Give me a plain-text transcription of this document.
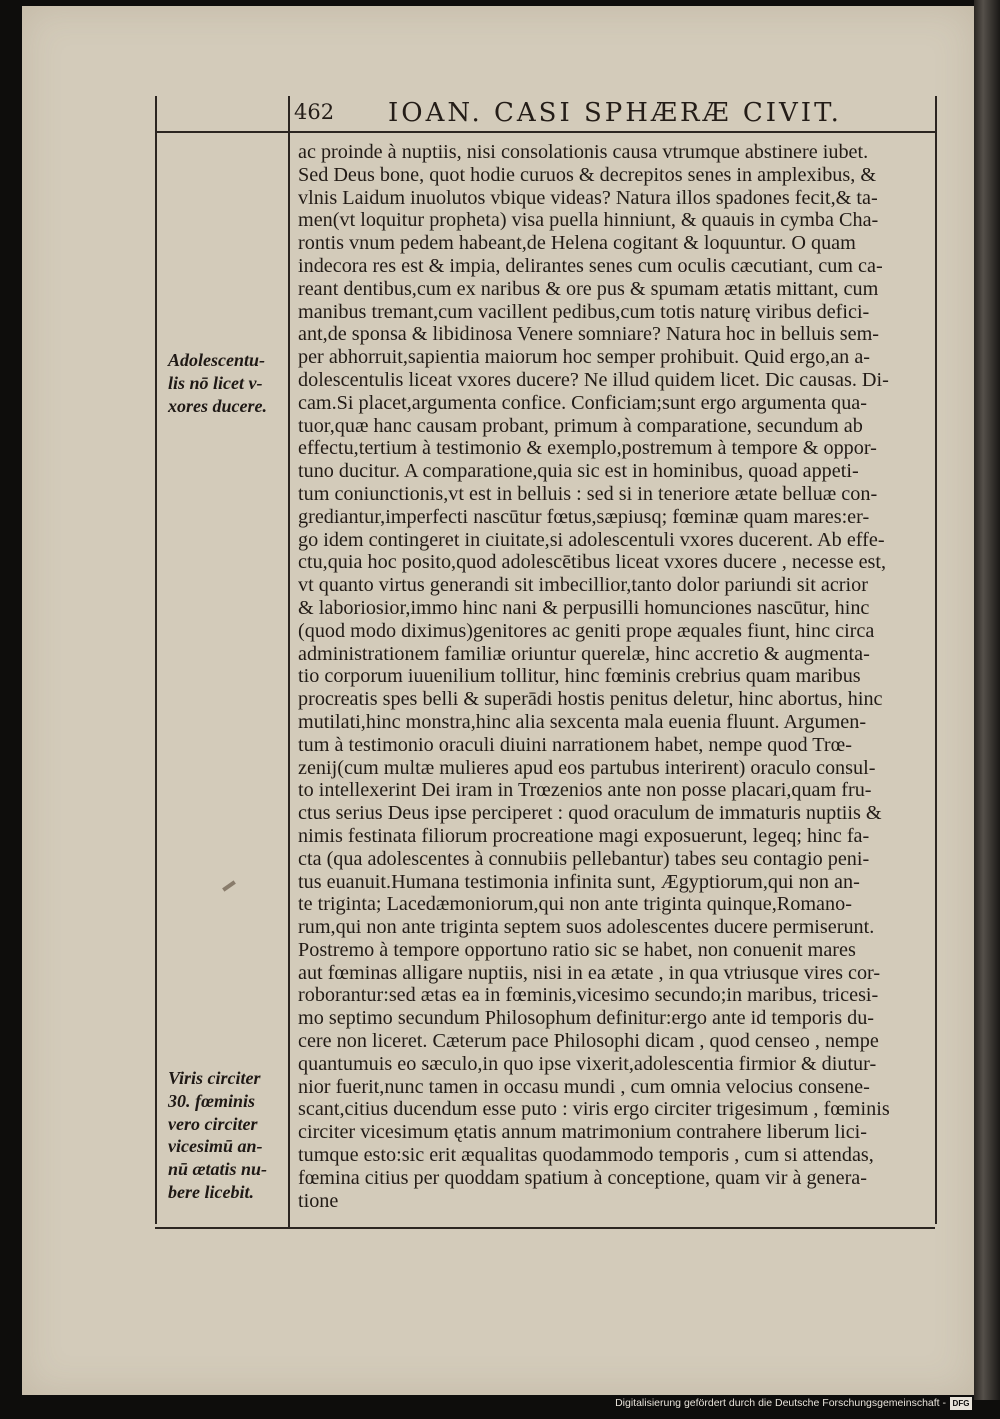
462 IOAN. CASI SPHÆRÆ CIVIT.
Adolescentu-
lis nō licet v-
xores ducere.
Viris circiter
30. fœminis
vero circiter
vicesimū an-
nū ætatis nu-
bere licebit.
ac proinde à nuptiis, nisi consolationis causa vtrumque abstinere iubet.
Sed Deus bone, quot hodie curuos & decrepitos senes in amplexibus, &
vlnis Laidum inuolutos vbique videas? Natura illos spadones fecit,& ta-
men(vt loquitur propheta) visa puella hinniunt, & quauis in cymba Cha-
rontis vnum pedem habeant,de Helena cogitant & loquuntur. O quam
indecora res est & impia, delirantes senes cum oculis cæcutiant, cum ca-
reant dentibus,cum ex naribus & ore pus & spumam ætatis mittant, cum
manibus tremant,cum vacillent pedibus,cum totis naturę viribus defici-
ant,de sponsa & libidinosa Venere somniare? Natura hoc in belluis sem-
per abhorruit,sapientia maiorum hoc semper prohibuit. Quid ergo,an a-
dolescentulis liceat vxores ducere? Ne illud quidem licet. Dic causas. Di-
cam.Si placet,argumenta confice. Conficiam;sunt ergo argumenta qua-
tuor,quæ hanc causam probant, primum à comparatione, secundum ab
effectu,tertium à testimonio & exemplo,postremum à tempore & oppor-
tuno ducitur. A comparatione,quia sic est in hominibus, quoad appeti-
tum coniunctionis,vt est in belluis : sed si in teneriore ætate belluæ con-
grediantur,imperfecti nascūtur fœtus,sæpiusq; fœminæ quam mares:er-
go idem contingeret in ciuitate,si adolescentuli vxores ducerent. Ab effe-
ctu,quia hoc posito,quod adolescētibus liceat vxores ducere , necesse est,
vt quanto virtus generandi sit imbecillior,tanto dolor pariundi sit acrior
& laboriosior,immo hinc nani & perpusilli homunciones nascūtur, hinc
(quod modo diximus)genitores ac geniti prope æquales fiunt, hinc circa
administrationem familiæ oriuntur querelæ, hinc accretio & augmenta-
tio corporum iuuenilium tollitur, hinc fœminis crebrius quam maribus
procreatis spes belli & superādi hostis penitus deletur, hinc abortus, hinc
mutilati,hinc monstra,hinc alia sexcenta mala eueniа fluunt. Argumen-
tum à testimonio oraculi diuini narrationem habet, nempe quod Trœ-
zenij(cum multæ mulieres apud eos partubus interirent) oraculo consul-
to intellexerint Dei iram in Trœzenios ante non posse placari,quam fru-
ctus serius Deus ipse perciperet : quod oraculum de immaturis nuptiis &
nimis festinata filiorum procreatione magi exposuerunt, legeq; hinc fa-
cta (qua adolescentes à connubiis pellebantur) tabes seu contagio peni-
tus euanuit.Humana testimonia infinita sunt, Ægyptiorum,qui non an-
te triginta; Lacedæmoniorum,qui non ante triginta quinque,Romano-
rum,qui non ante triginta septem suos adolescentes ducere permiserunt.
Postremo à tempore opportuno ratio sic se habet, non conuenit mares
aut fœminas alligare nuptiis, nisi in ea ætate , in qua vtriusque vires cor-
roborantur:sed ætas ea in fœminis,vicesimo secundo;in maribus, tricesi-
mo septimo secundum Philosophum definitur:ergo ante id temporis du-
cere non liceret. Cæterum pace Philosophi dicam , quod censeo , nempe
quantumuis eo sæculo,in quo ipse vixerit,adolescentia firmior & diutur-
nior fuerit,nunc tamen in occasu mundi , cum omnia velocius consene-
scant,citius ducendum esse puto : viris ergo circiter trigesimum , fœminis
circiter vicesimum ętatis annum matrimonium contrahere liberum lici-
tumque esto:sic erit æqualitas quodammodo temporis , cum si attendas,
fœmina citius per quoddam spatium à conceptione, quam vir à genera-
tione
Digitalisierung gefördert durch die Deutsche Forschungsgemeinschaft - DFG
